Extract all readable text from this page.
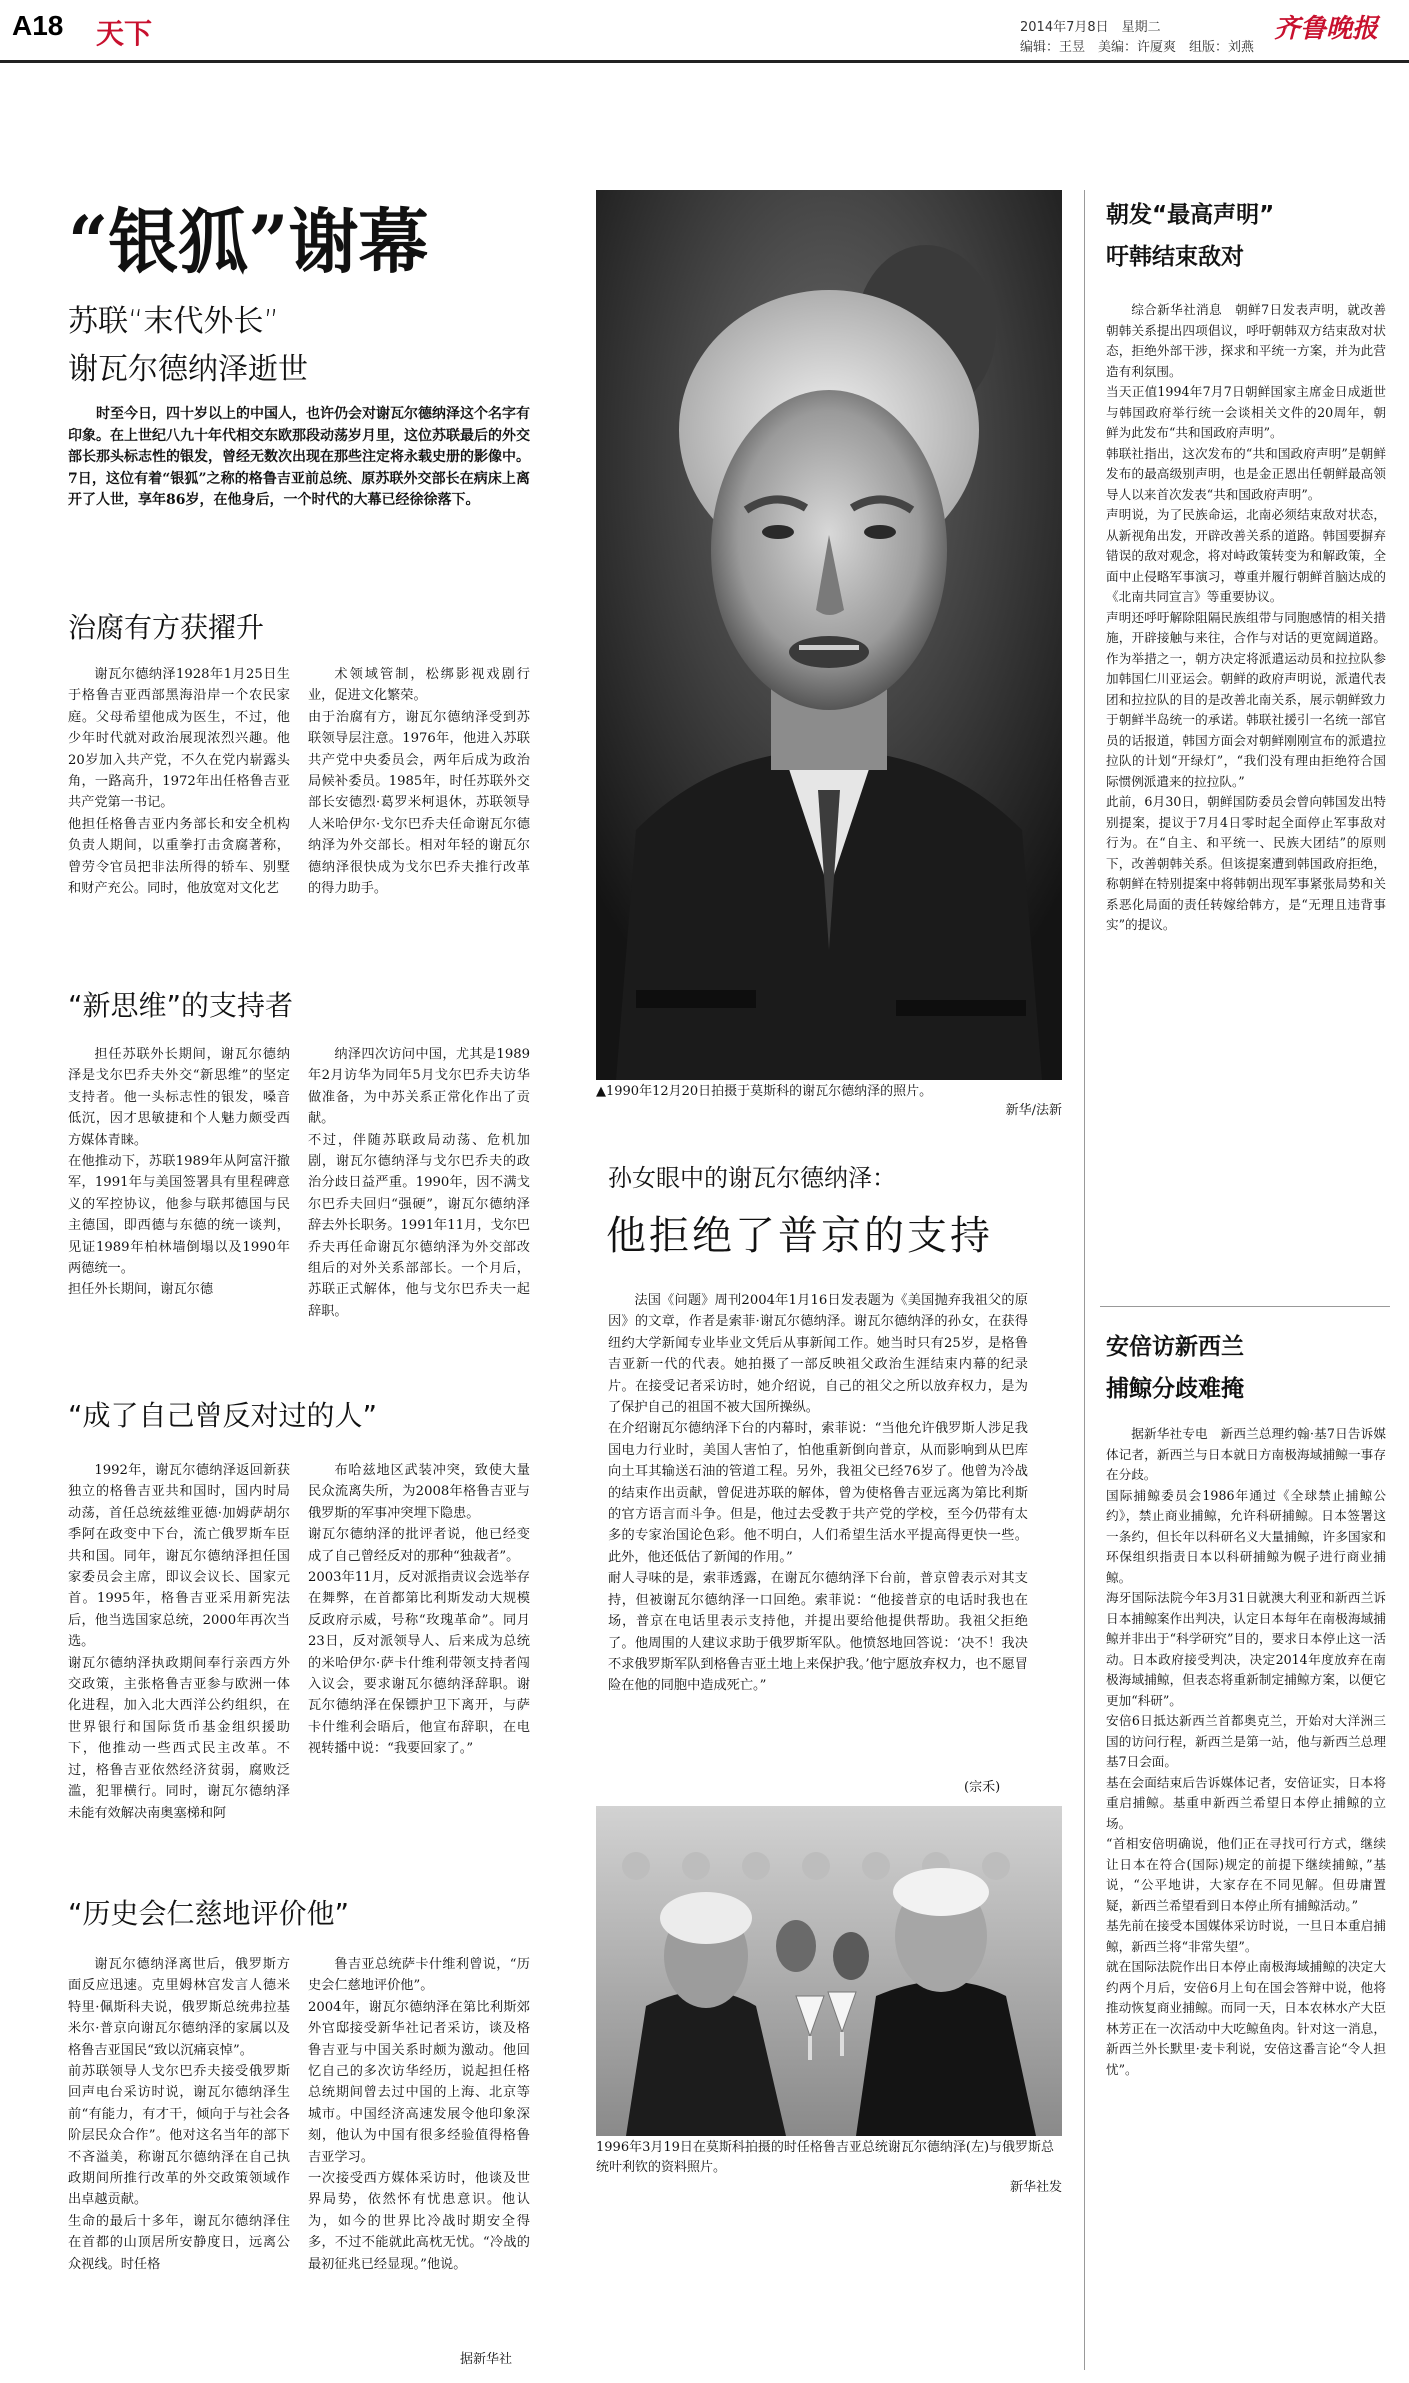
A18 天下	2014年7月8日　星期二	齐鲁晚报
编辑：王昱　美编：许厦爽　组版：刘燕
“银狐”谢幕
苏联“末代外长”
谢瓦尔德纳泽逝世
时至今日，四十岁以上的中国人，也许仍会对谢瓦尔德纳泽这个名字有印象。在上世纪八九十年代相交东欧那段动荡岁月里，这位苏联最后的外交部长那头标志性的银发，曾经无数次出现在那些注定将永载史册的影像中。7日，这位有着“银狐”之称的格鲁吉亚前总统、原苏联外交部长在病床上离开了人世，享年86岁，在他身后，一个时代的大幕已经徐徐落下。
治腐有方获擢升
谢瓦尔德纳泽1928年1月25日生于格鲁吉亚西部黑海沿岸一个农民家庭。父母希望他成为医生，不过，他少年时代就对政治展现浓烈兴趣。他20岁加入共产党，不久在党内崭露头角，一路高升，1972年出任格鲁吉亚共产党第一书记。
他担任格鲁吉亚内务部长和安全机构负责人期间，以重拳打击贪腐著称，曾劳令官员把非法所得的轿车、别墅和财产充公。同时，他放宽对文化艺
术领域管制，松绑影视戏剧行业，促进文化繁荣。
由于治腐有方，谢瓦尔德纳泽受到苏联领导层注意。1976年，他进入苏联共产党中央委员会，两年后成为政治局候补委员。1985年，时任苏联外交部长安德烈·葛罗米柯退休，苏联领导人米哈伊尔·戈尔巴乔夫任命谢瓦尔德纳泽为外交部长。相对年轻的谢瓦尔德纳泽很快成为戈尔巴乔夫推行改革的得力助手。
“新思维”的支持者
担任苏联外长期间，谢瓦尔德纳泽是戈尔巴乔夫外交“新思维”的坚定支持者。他一头标志性的银发，嗓音低沉，因才思敏捷和个人魅力颇受西方媒体青睐。
在他推动下，苏联1989年从阿富汗撤军，1991年与美国签署具有里程碑意义的军控协议，他参与联邦德国与民主德国，即西德与东德的统一谈判，见证1989年柏林墙倒塌以及1990年两德统一。
担任外长期间，谢瓦尔德
纳泽四次访问中国，尤其是1989年2月访华为同年5月戈尔巴乔夫访华做准备，为中苏关系正常化作出了贡献。
不过，伴随苏联政局动荡、危机加剧，谢瓦尔德纳泽与戈尔巴乔夫的政治分歧日益严重。1990年，因不满戈尔巴乔夫回归“强硬”，谢瓦尔德纳泽辞去外长职务。1991年11月，戈尔巴乔夫再任命谢瓦尔德纳泽为外交部改组后的对外关系部部长。一个月后，苏联正式解体，他与戈尔巴乔夫一起辞职。
“成了自己曾反对过的人”
1992年，谢瓦尔德纳泽返回新获独立的格鲁吉亚共和国时，国内时局动荡，首任总统兹维亚德·加姆萨胡尔季阿在政变中下台，流亡俄罗斯车臣共和国。同年，谢瓦尔德纳泽担任国家委员会主席，即议会议长、国家元首。1995年，格鲁吉亚采用新宪法后，他当选国家总统，2000年再次当选。
谢瓦尔德纳泽执政期间奉行亲西方外交政策，主张格鲁吉亚参与欧洲一体化进程，加入北大西洋公约组织，在世界银行和国际货币基金组织援助下，他推动一些西式民主改革。不过，格鲁吉亚依然经济贫弱，腐败泛滥，犯罪横行。同时，谢瓦尔德纳泽未能有效解决南奥塞梯和阿
布哈兹地区武装冲突，致使大量民众流离失所，为2008年格鲁吉亚与俄罗斯的军事冲突埋下隐患。
谢瓦尔德纳泽的批评者说，他已经变成了自己曾经反对的那种“独裁者”。
2003年11月，反对派指责议会选举存在舞弊，在首都第比利斯发动大规模反政府示威，号称“玫瑰革命”。同月23日，反对派领导人、后来成为总统的米哈伊尔·萨卡什维利带领支持者闯入议会，要求谢瓦尔德纳泽辞职。谢瓦尔德纳泽在保镖护卫下离开，与萨卡什维利会晤后，他宣布辞职，在电视转播中说：“我要回家了。”
“历史会仁慈地评价他”
谢瓦尔德纳泽离世后，俄罗斯方面反应迅速。克里姆林宫发言人德米特里·佩斯科夫说，俄罗斯总统弗拉基米尔·普京向谢瓦尔德纳泽的家属以及格鲁吉亚国民“致以沉痛哀悼”。
前苏联领导人戈尔巴乔夫接受俄罗斯回声电台采访时说，谢瓦尔德纳泽生前“有能力，有才干，倾向于与社会各阶层民众合作”。他对这名当年的部下不吝溢美，称谢瓦尔德纳泽在自己执政期间所推行改革的外交政策领域作出卓越贡献。
生命的最后十多年，谢瓦尔德纳泽住在首都的山顶居所安静度日，远离公众视线。时任格
鲁吉亚总统萨卡什维利曾说，“历史会仁慈地评价他”。
2004年，谢瓦尔德纳泽在第比利斯郊外官邸接受新华社记者采访，谈及格鲁吉亚与中国关系时颇为激动。他回忆自己的多次访华经历，说起担任格总统期间曾去过中国的上海、北京等城市。中国经济高速发展令他印象深刻，他认为中国有很多经验值得格鲁吉亚学习。
一次接受西方媒体采访时，他谈及世界局势，依然怀有忧患意识。他认为，如今的世界比冷战时期安全得多，不过不能就此高枕无忧。“冷战的最初征兆已经显现。”他说。
据新华社
▲1990年12月20日拍摄于莫斯科的谢瓦尔德纳泽的照片。
新华/法新
孙女眼中的谢瓦尔德纳泽：
他拒绝了普京的支持
法国《问题》周刊2004年1月16日发表题为《美国抛弃我祖父的原因》的文章，作者是索菲·谢瓦尔德纳泽。谢瓦尔德纳泽的孙女，在获得纽约大学新闻专业毕业文凭后从事新闻工作。她当时只有25岁，是格鲁吉亚新一代的代表。她拍摄了一部反映祖父政治生涯结束内幕的纪录片。在接受记者采访时，她介绍说，自己的祖父之所以放弃权力，是为了保护自己的祖国不被大国所操纵。
在介绍谢瓦尔德纳泽下台的内幕时，索菲说：“当他允许俄罗斯人涉足我国电力行业时，美国人害怕了，怕他重新倒向普京，从而影响到从巴库向土耳其输送石油的管道工程。另外，我祖父已经76岁了。他曾为冷战的结束作出贡献，曾促进苏联的解体，曾为使格鲁吉亚远离为第比利斯的官方语言而斗争。但是，他过去受教于共产党的学校，至今仍带有太多的专家治国论色彩。他不明白，人们希望生活水平提高得更快一些。此外，他还低估了新闻的作用。”
耐人寻味的是，索菲透露，在谢瓦尔德纳泽下台前，普京曾表示对其支持，但被谢瓦尔德纳泽一口回绝。索菲说：“他接普京的电话时我也在场，普京在电话里表示支持他，并提出要给他提供帮助。我祖父拒绝了。他周围的人建议求助于俄罗斯军队。他愤怒地回答说：‘决不！我决不求俄罗斯军队到格鲁吉亚土地上来保护我。’他宁愿放弃权力，也不愿冒险在他的同胞中造成死亡。”
(宗禾)
1996年3月19日在莫斯科拍摄的时任格鲁吉亚总统谢瓦尔德纳泽(左)与俄罗斯总统叶利钦的资料照片。
新华社发
朝发“最高声明”
吁韩结束敌对
综合新华社消息　朝鲜7日发表声明，就改善朝韩关系提出四项倡议，呼吁朝韩双方结束敌对状态，拒绝外部干涉，探求和平统一方案，并为此营造有利氛围。
当天正值1994年7月7日朝鲜国家主席金日成逝世与韩国政府举行统一会谈相关文件的20周年，朝鲜为此发布“共和国政府声明”。
韩联社指出，这次发布的“共和国政府声明”是朝鲜发布的最高级别声明，也是金正恩出任朝鲜最高领导人以来首次发表“共和国政府声明”。
声明说，为了民族命运，北南必须结束敌对状态，从新视角出发，开辟改善关系的道路。韩国要摒弃错误的敌对观念，将对峙政策转变为和解政策，全面中止侵略军事演习，尊重并履行朝鲜首脑达成的《北南共同宣言》等重要协议。
声明还呼吁解除阻隔民族组带与同胞感情的相关措施，开辟接触与来往，合作与对话的更宽阔道路。作为举措之一，朝方决定将派遣运动员和拉拉队参加韩国仁川亚运会。朝鲜的政府声明说，派遣代表团和拉拉队的目的是改善北南关系，展示朝鲜致力于朝鲜半岛统一的承诺。韩联社援引一名统一部官员的话报道，韩国方面会对朝鲜刚刚宣布的派遣拉拉队的计划“开绿灯”，“我们没有理由拒绝符合国际惯例派遣来的拉拉队。”
此前，6月30日，朝鲜国防委员会曾向韩国发出特别提案，提议于7月4日零时起全面停止军事敌对行为。在“自主、和平统一、民族大团结”的原则下，改善朝韩关系。但该提案遭到韩国政府拒绝，称朝鲜在特别提案中将韩朝出现军事紧张局势和关系恶化局面的责任转嫁给韩方，是“无理且违背事实”的提议。
安倍访新西兰
捕鲸分歧难掩
据新华社专电　新西兰总理约翰·基7日告诉媒体记者，新西兰与日本就日方南极海域捕鲸一事存在分歧。
国际捕鲸委员会1986年通过《全球禁止捕鲸公约》，禁止商业捕鲸，允许科研捕鲸。日本签署这一条约，但长年以科研名义大量捕鲸，许多国家和环保组织指责日本以科研捕鲸为幌子进行商业捕鲸。
海牙国际法院今年3月31日就澳大利亚和新西兰诉日本捕鲸案作出判决，认定日本每年在南极海域捕鲸并非出于“科学研究”目的，要求日本停止这一活动。日本政府接受判决，决定2014年度放弃在南极海域捕鲸，但表态将重新制定捕鲸方案，以便它更加“科研”。
安倍6日抵达新西兰首都奥克兰，开始对大洋洲三国的访问行程，新西兰是第一站，他与新西兰总理基7日会面。
基在会面结束后告诉媒体记者，安倍证实，日本将重启捕鲸。基重申新西兰希望日本停止捕鲸的立场。
“首相安倍明确说，他们正在寻找可行方式，继续让日本在符合(国际)规定的前提下继续捕鲸，”基说，“公平地讲，大家存在不同见解。但毋庸置疑，新西兰希望看到日本停止所有捕鲸活动。”
基先前在接受本国媒体采访时说，一旦日本重启捕鲸，新西兰将“非常失望”。
就在国际法院作出日本停止南极海域捕鲸的决定大约两个月后，安倍6月上旬在国会答辩中说，他将推动恢复商业捕鲸。而同一天，日本农林水产大臣林芳正在一次活动中大吃鲸鱼肉。针对这一消息，新西兰外长默里·麦卡利说，安倍这番言论“令人担忧”。
